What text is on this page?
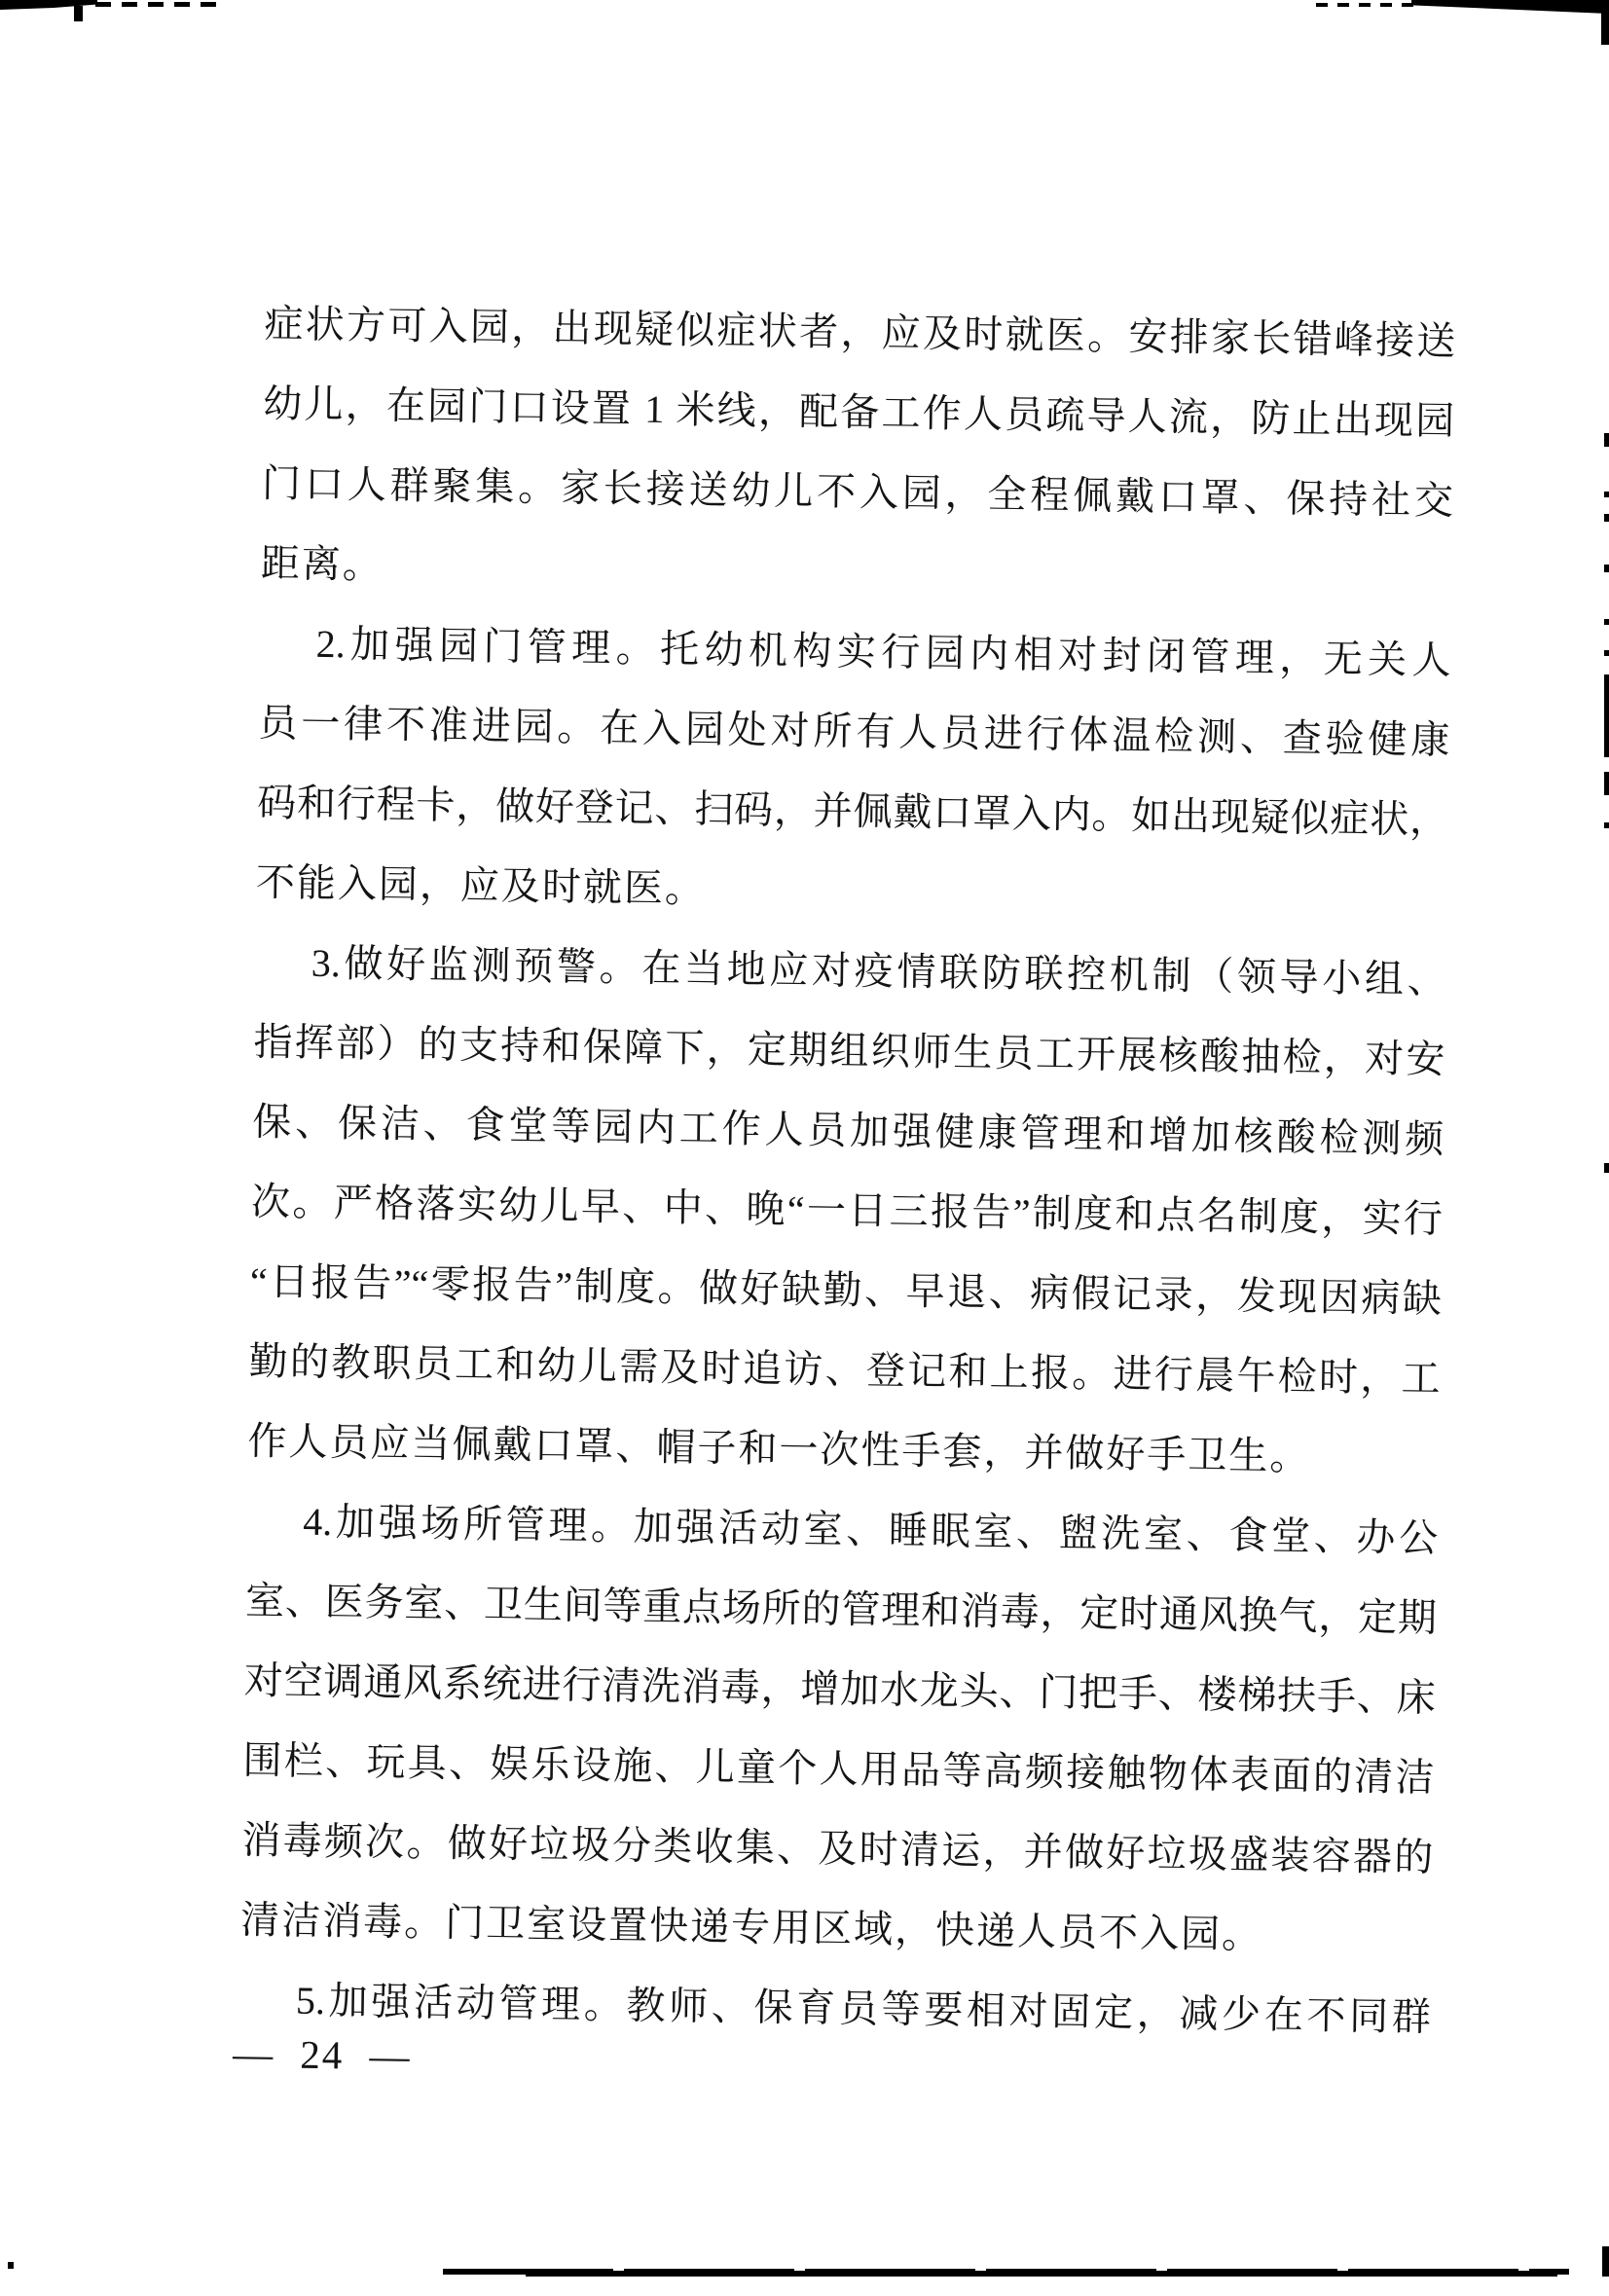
症状方可入园，出现疑似症状者，应及时就医。安排家长错峰接送
幼儿，在园门口设置 1 米线，配备工作人员疏导人流，防止出现园
门口人群聚集。家长接送幼儿不入园，全程佩戴口罩、保持社交
距离。
2.加强园门管理。托幼机构实行园内相对封闭管理，无关人
员一律不准进园。在入园处对所有人员进行体温检测、查验健康
码和行程卡，做好登记、扫码，并佩戴口罩入内。如出现疑似症状，
不能入园，应及时就医。
3.做好监测预警。在当地应对疫情联防联控机制（领导小组、
指挥部）的支持和保障下，定期组织师生员工开展核酸抽检，对安
保、保洁、食堂等园内工作人员加强健康管理和增加核酸检测频
次。严格落实幼儿早、中、晚“一日三报告”制度和点名制度，实行
“日报告”“零报告”制度。做好缺勤、早退、病假记录，发现因病缺
勤的教职员工和幼儿需及时追访、登记和上报。进行晨午检时，工
作人员应当佩戴口罩、帽子和一次性手套，并做好手卫生。
4.加强场所管理。加强活动室、睡眠室、盥洗室、食堂、办公
室、医务室、卫生间等重点场所的管理和消毒，定时通风换气，定期
对空调通风系统进行清洗消毒，增加水龙头、门把手、楼梯扶手、床
围栏、玩具、娱乐设施、儿童个人用品等高频接触物体表面的清洁
消毒频次。做好垃圾分类收集、及时清运，并做好垃圾盛装容器的
清洁消毒。门卫室设置快递专用区域，快递人员不入园。
5.加强活动管理。教师、保育员等要相对固定，减少在不同群
— 24 —
